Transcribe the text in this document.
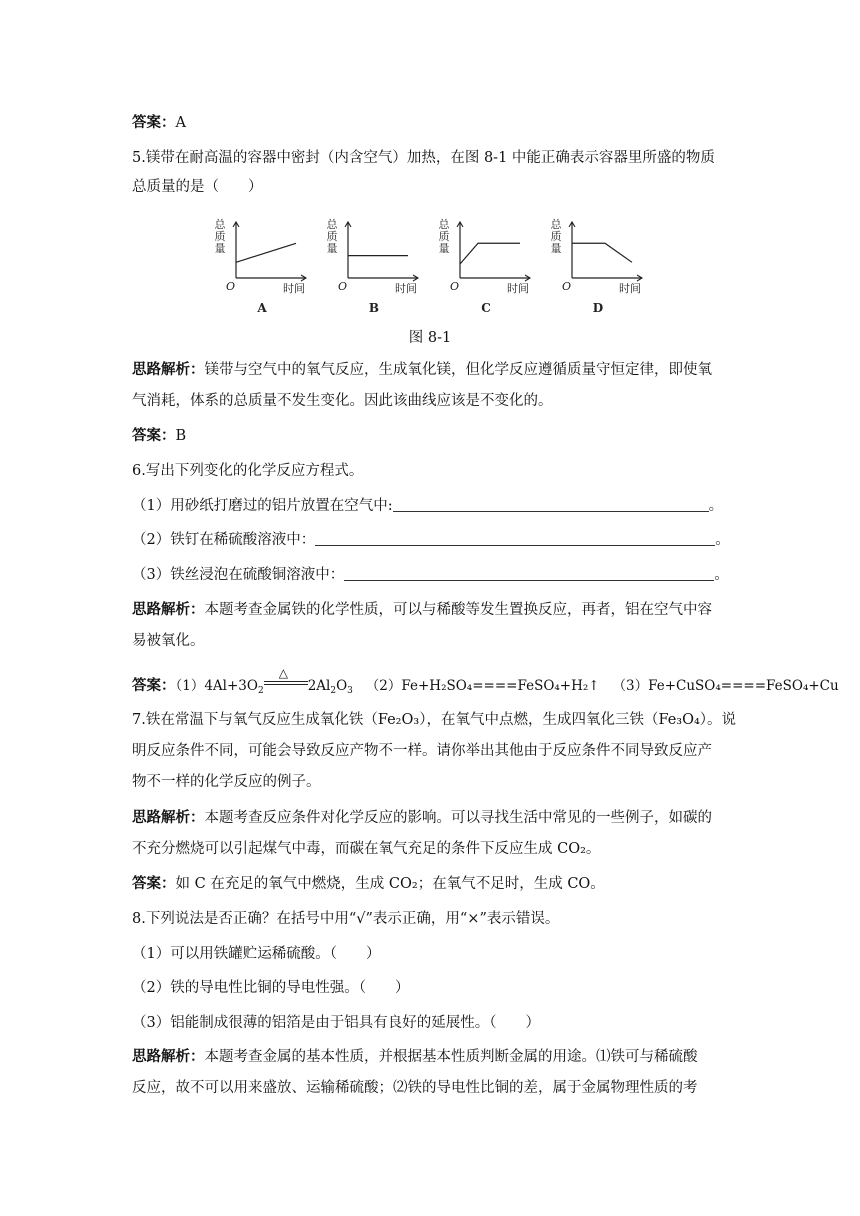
答案：A
5.镁带在耐高温的容器中密封（内含空气）加热，在图 8-1 中能正确表示容器里所盛的物质
总质量的是（　　）
总
质
量
O	时间
A
总
质
量
O	时间
B
总
质
量
O	时间
C
总
质
量
O	时间
D
图 8-1
思路解析：镁带与空气中的氧气反应，生成氧化镁，但化学反应遵循质量守恒定律，即使氧
气消耗，体系的总质量不发生变化。因此该曲线应该是不变化的。
答案：B
6.写出下列变化的化学反应方程式。
（1）用砂纸打磨过的铝片放置在空气中:	。
（2）铁钉在稀硫酸溶液中：	。
（3）铁丝浸泡在硫酸铜溶液中：	。
思路解析：本题考查金属铁的化学性质，可以与稀酸等发生置换反应，再者，铝在空气中容
易被氧化。
答案：$(1)4Al+3O_2$
△
$2Al_2O_3$ （2）Fe+H₂SO₄====FeSO₄+H₂↑ （3）Fe+CuSO₄====FeSO₄+Cu
7.铁在常温下与氧气反应生成氧化铁（Fe₂O₃），在氧气中点燃，生成四氧化三铁（Fe₃O₄）。说
明反应条件不同，可能会导致反应产物不一样。请你举出其他由于反应条件不同导致反应产
物不一样的化学反应的例子。
思路解析：本题考查反应条件对化学反应的影响。可以寻找生活中常见的一些例子，如碳的
不充分燃烧可以引起煤气中毒，而碳在氧气充足的条件下反应生成 CO₂。
答案：如 C 在充足的氧气中燃烧，生成 CO₂；在氧气不足时，生成 CO。
8.下列说法是否正确？在括号中用“√”表示正确，用“×”表示错误。
（1）可以用铁罐贮运稀硫酸。（　　）
（2）铁的导电性比铜的导电性强。（　　）
（3）铝能制成很薄的铝箔是由于铝具有良好的延展性。（　　）
思路解析：本题考查金属的基本性质，并根据基本性质判断金属的用途。⑴铁可与稀硫酸
反应，故不可以用来盛放、运输稀硫酸；⑵铁的导电性比铜的差，属于金属物理性质的考
